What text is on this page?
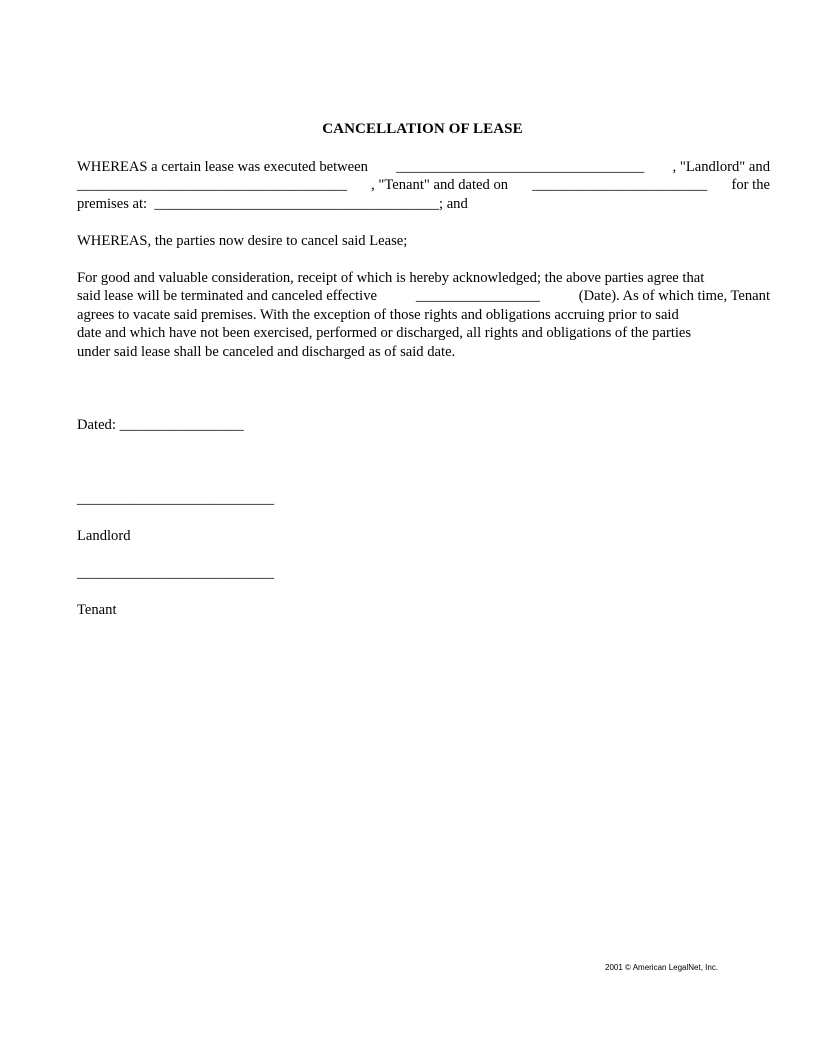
CANCELLATION OF LEASE
WHEREAS a certain lease was executed between __________________________________ , "Landlord" and
_____________________________________ , "Tenant" and dated on ________________________ for the
premises at: _______________________________________; and
WHEREAS, the parties now desire to cancel said Lease;
For good and valuable consideration, receipt of which is hereby acknowledged; the above parties agree that
said lease will be terminated and canceled effective	_________________	(Date). As of which time, Tenant
agrees to vacate said premises. With the exception of those rights and obligations accruing prior to said
date and which have not been exercised, performed or discharged, all rights and obligations of the parties
under said lease shall be canceled and discharged as of said date.
Dated: _________________
___________________________
Landlord
___________________________
Tenant
2001 © American LegalNet, Inc.
